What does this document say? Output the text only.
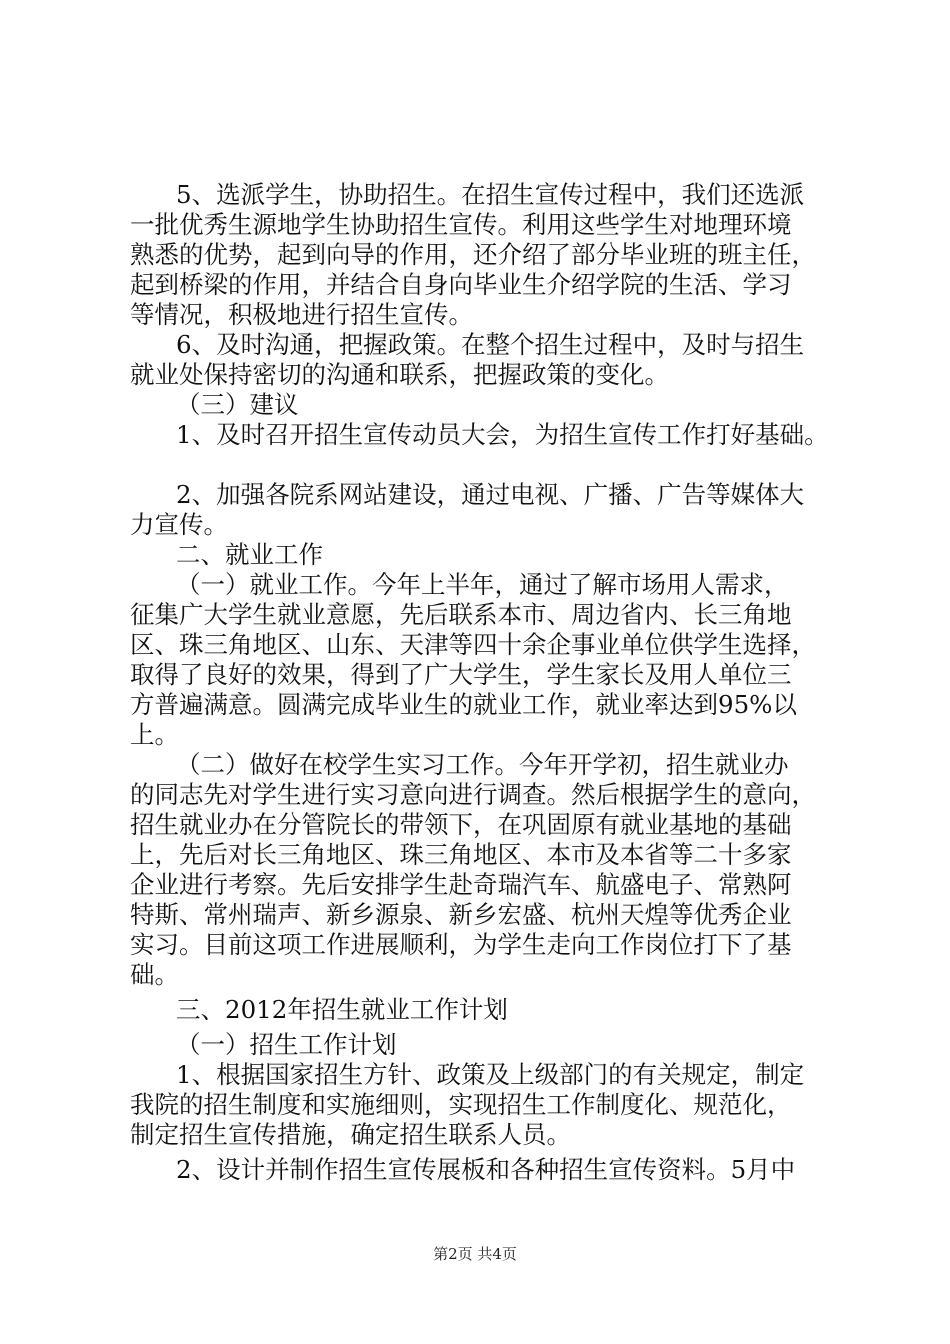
5、选派学生，协助招生。在招生宣传过程中，我们还选派
一批优秀生源地学生协助招生宣传。利用这些学生对地理环境
熟悉的优势，起到向导的作用，还介绍了部分毕业班的班主任，
起到桥梁的作用，并结合自身向毕业生介绍学院的生活、学习
等情况，积极地进行招生宣传。
6、及时沟通，把握政策。在整个招生过程中，及时与招生
就业处保持密切的沟通和联系，把握政策的变化。
（三）建议
1、及时召开招生宣传动员大会，为招生宣传工作打好基础。
2、加强各院系网站建设，通过电视、广播、广告等媒体大
力宣传。
二、就业工作
（一）就业工作。今年上半年，通过了解市场用人需求，
征集广大学生就业意愿，先后联系本市、周边省内、长三角地
区、珠三角地区、山东、天津等四十余企事业单位供学生选择，
取得了良好的效果，得到了广大学生，学生家长及用人单位三
方普遍满意。圆满完成毕业生的就业工作，就业率达到95%以
上。
（二）做好在校学生实习工作。今年开学初，招生就业办
的同志先对学生进行实习意向进行调查。然后根据学生的意向，
招生就业办在分管院长的带领下，在巩固原有就业基地的基础
上，先后对长三角地区、珠三角地区、本市及本省等二十多家
企业进行考察。先后安排学生赴奇瑞汽车、航盛电子、常熟阿
特斯、常州瑞声、新乡源泉、新乡宏盛、杭州天煌等优秀企业
实习。目前这项工作进展顺利，为学生走向工作岗位打下了基
础。
三、2012年招生就业工作计划
（一）招生工作计划
1、根据国家招生方针、政策及上级部门的有关规定，制定
我院的招生制度和实施细则，实现招生工作制度化、规范化，
制定招生宣传措施，确定招生联系人员。
2、设计并制作招生宣传展板和各种招生宣传资料。5月中
第2页 共4页
